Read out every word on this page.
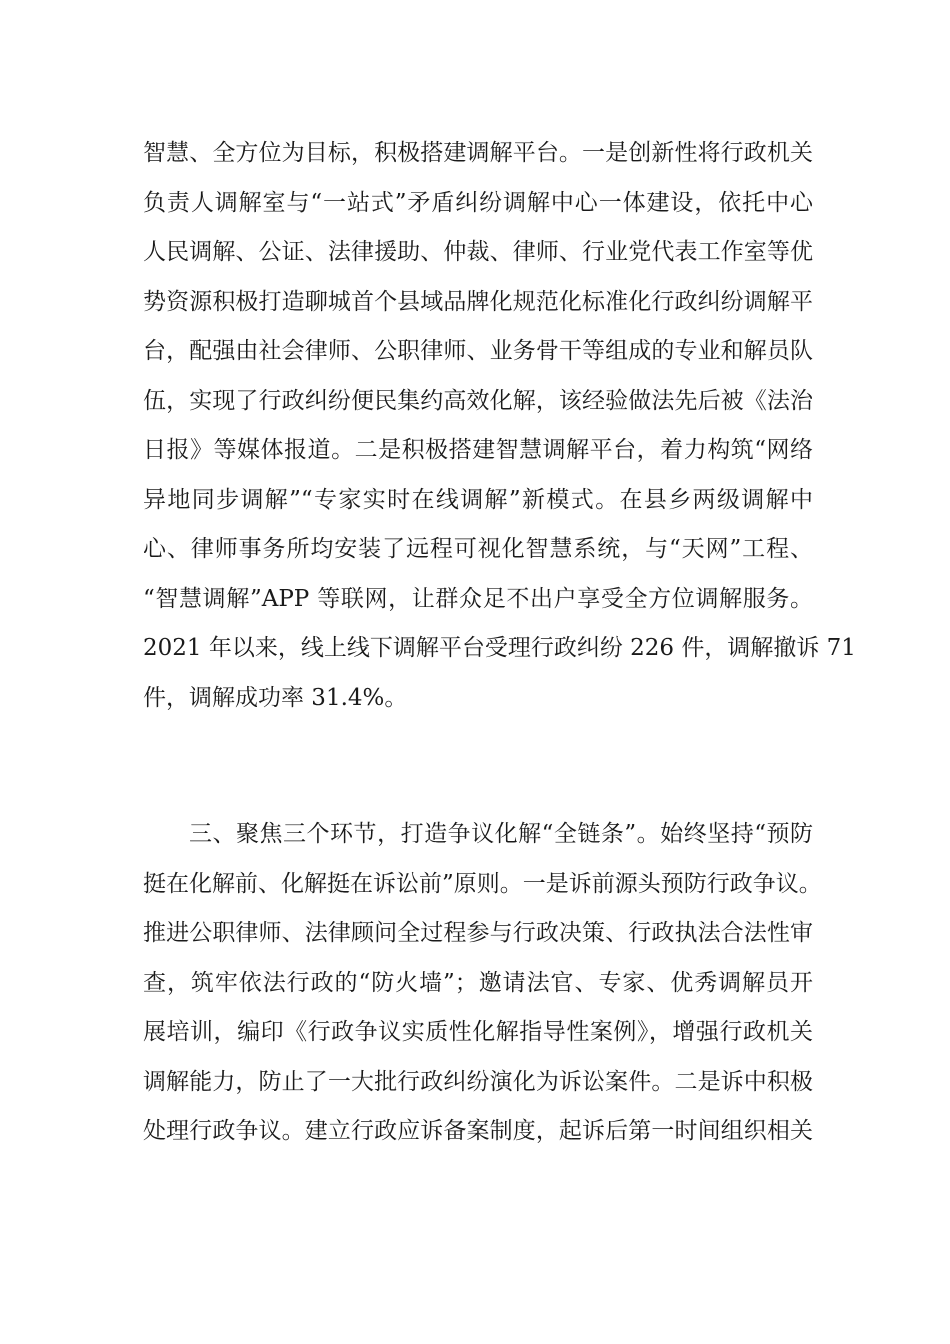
智慧、全方位为目标，积极搭建调解平台。一是创新性将行政机关
负责人调解室与“一站式”矛盾纠纷调解中心一体建设，依托中心
人民调解、公证、法律援助、仲裁、律师、行业党代表工作室等优
势资源积极打造聊城首个县域品牌化规范化标准化行政纠纷调解平
台，配强由社会律师、公职律师、业务骨干等组成的专业和解员队
伍，实现了行政纠纷便民集约高效化解，该经验做法先后被《法治
日报》等媒体报道。二是积极搭建智慧调解平台，着力构筑“网络
异地同步调解”“专家实时在线调解”新模式。在县乡两级调解中
心、律师事务所均安装了远程可视化智慧系统，与“天网”工程、
“智慧调解”APP 等联网，让群众足不出户享受全方位调解服务。
2021 年以来，线上线下调解平台受理行政纠纷 226 件，调解撤诉 71
件，调解成功率 31.4%。
三、聚焦三个环节，打造争议化解“全链条”。始终坚持“预防
挺在化解前、化解挺在诉讼前”原则。一是诉前源头预防行政争议。
推进公职律师、法律顾问全过程参与行政决策、行政执法合法性审
查，筑牢依法行政的“防火墙”；邀请法官、专家、优秀调解员开
展培训，编印《行政争议实质性化解指导性案例》，增强行政机关
调解能力，防止了一大批行政纠纷演化为诉讼案件。二是诉中积极
处理行政争议。建立行政应诉备案制度，起诉后第一时间组织相关
